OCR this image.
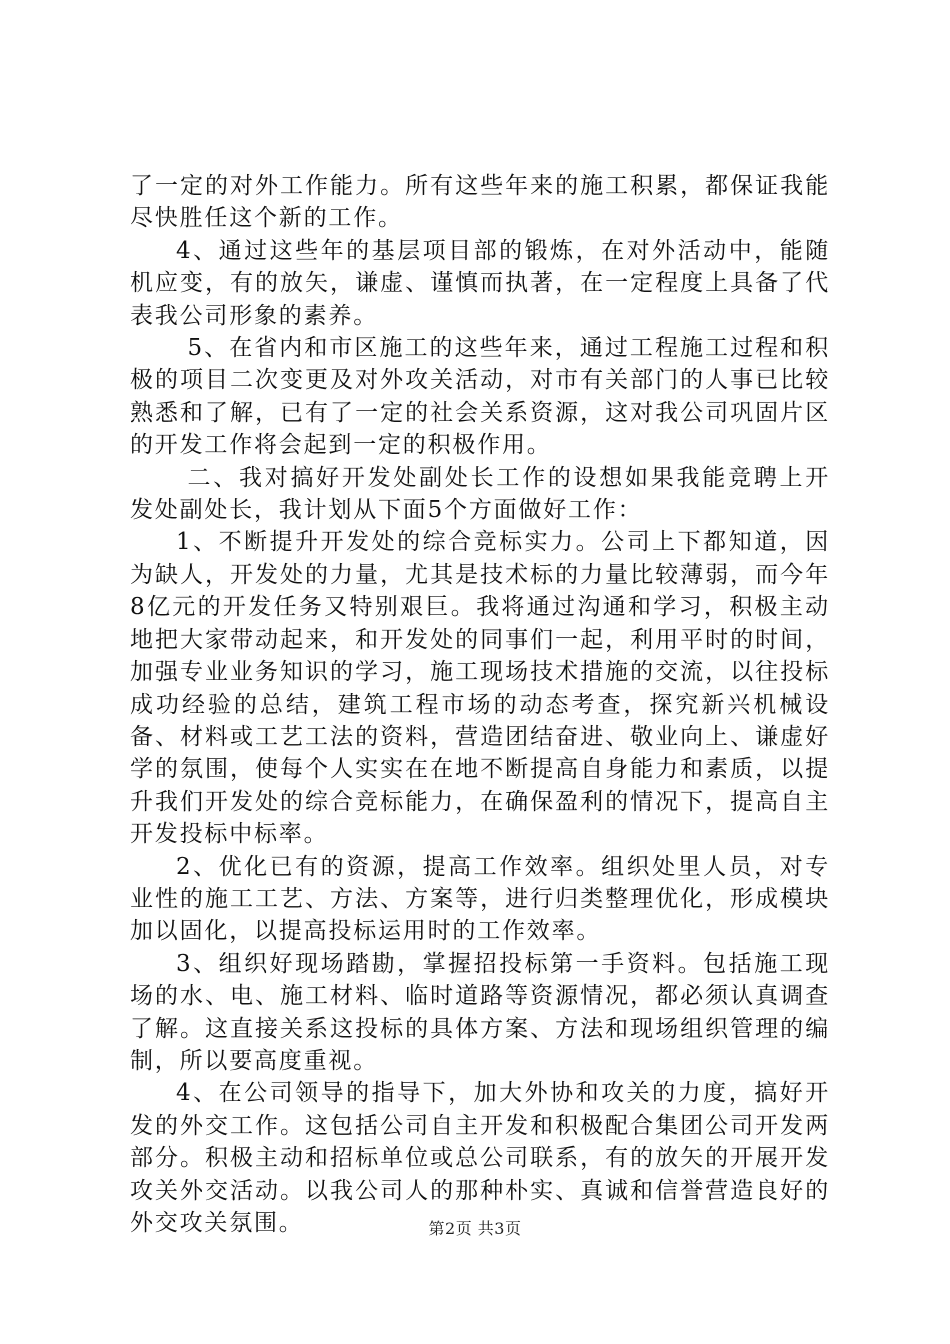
了一定的对外工作能力。所有这些年来的施工积累，都保证我能尽快胜任这个新的工作。

4、通过这些年的基层项目部的锻炼，在对外活动中，能随机应变，有的放矢，谦虚、谨慎而执著，在一定程度上具备了代表我公司形象的素养。

5、在省内和市区施工的这些年来，通过工程施工过程和积极的项目二次变更及对外攻关活动，对市有关部门的人事已比较熟悉和了解，已有了一定的社会关系资源，这对我公司巩固片区的开发工作将会起到一定的积极作用。

二、我对搞好开发处副处长工作的设想如果我能竞聘上开发处副处长，我计划从下面5个方面做好工作：

1、不断提升开发处的综合竞标实力。公司上下都知道，因为缺人，开发处的力量，尤其是技术标的力量比较薄弱，而今年8亿元的开发任务又特别艰巨。我将通过沟通和学习，积极主动地把大家带动起来，和开发处的同事们一起，利用平时的时间，加强专业业务知识的学习，施工现场技术措施的交流，以往投标成功经验的总结，建筑工程市场的动态考查，探究新兴机械设备、材料或工艺工法的资料，营造团结奋进、敬业向上、谦虚好学的氛围，使每个人实实在在地不断提高自身能力和素质，以提升我们开发处的综合竞标能力，在确保盈利的情况下，提高自主开发投标中标率。

2、优化已有的资源，提高工作效率。组织处里人员，对专业性的施工工艺、方法、方案等，进行归类整理优化，形成模块加以固化，以提高投标运用时的工作效率。

3、组织好现场踏勘，掌握招投标第一手资料。包括施工现场的水、电、施工材料、临时道路等资源情况，都必须认真调查了解。这直接关系这投标的具体方案、方法和现场组织管理的编制，所以要高度重视。

4、在公司领导的指导下，加大外协和攻关的力度，搞好开发的外交工作。这包括公司自主开发和积极配合集团公司开发两部分。积极主动和招标单位或总公司联系，有的放矢的开展开发攻关外交活动。以我公司人的那种朴实、真诚和信誉营造良好的外交攻关氛围。	第2页 共3页
